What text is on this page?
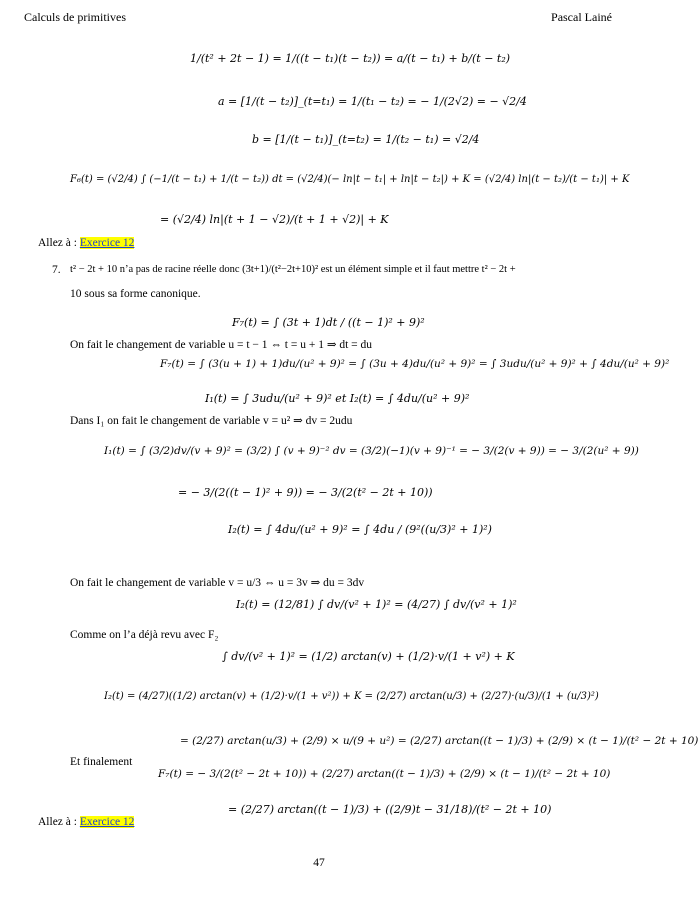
Calculs de primitives	Pascal Lainé
1/(t² + 2t − 1) = 1/((t − t₁)(t − t₂)) = a/(t − t₁) + b/(t − t₂)
a = [1/(t − t₂)]_(t=t₁) = 1/(t₁ − t₂) = − 1/(2√2) = − √2/4
b = [1/(t − t₁)]_(t=t₂) = 1/(t₂ − t₁) = √2/4
F₆(t) = (√2/4) ∫ (−1/(t − t₁) + 1/(t − t₂)) dt = (√2/4)(− ln|t − t₁| + ln|t − t₂|) + K = (√2/4) ln|(t − t₂)/(t − t₁)| + K
= (√2/4) ln|(t + 1 − √2)/(t + 1 + √2)| + K
Allez à : Exercice 12
7. t² − 2t + 10 n’a pas de racine réelle donc (3t+1)/(t²−2t+10)² est un élément simple et il faut mettre t² − 2t +
10 sous sa forme canonique.
F₇(t) = ∫ (3t + 1)dt / ((t − 1)² + 9)²
On fait le changement de variable u = t − 1 ⇔ t = u + 1 ⇒ dt = du
F₇(t) = ∫ (3(u + 1) + 1)du/(u² + 9)² = ∫ (3u + 4)du/(u² + 9)² = ∫ 3udu/(u² + 9)² + ∫ 4du/(u² + 9)²
I₁(t) = ∫ 3udu/(u² + 9)² et I₂(t) = ∫ 4du/(u² + 9)²
Dans I₁ on fait le changement de variable v = u² ⇒ dv = 2udu
I₁(t) = ∫ (3/2)dv/(v + 9)² = (3/2) ∫ (v + 9)⁻² dv = (3/2)(−1)(v + 9)⁻¹ = − 3/(2(v + 9)) = − 3/(2(u² + 9))
= − 3/(2((t − 1)² + 9)) = − 3/(2(t² − 2t + 10))
I₂(t) = ∫ 4du/(u² + 9)² = ∫ 4du / (9²((u/3)² + 1)²)
On fait le changement de variable v = u/3 ⇔ u = 3v ⇒ du = 3dv
I₂(t) = (12/81) ∫ dv/(v² + 1)² = (4/27) ∫ dv/(v² + 1)²
Comme on l’a déjà revu avec F₂
∫ dv/(v² + 1)² = (1/2) arctan(v) + (1/2)·v/(1 + v²) + K
I₂(t) = (4/27)((1/2) arctan(v) + (1/2)·v/(1 + v²)) + K = (2/27) arctan(u/3) + (2/27)·(u/3)/(1 + (u/3)²)
= (2/27) arctan(u/3) + (2/9) × u/(9 + u²) = (2/27) arctan((t − 1)/3) + (2/9) × (t − 1)/(t² − 2t + 10)
Et finalement
F₇(t) = − 3/(2(t² − 2t + 10)) + (2/27) arctan((t − 1)/3) + (2/9) × (t − 1)/(t² − 2t + 10)
= (2/27) arctan((t − 1)/3) + ((2/9)t − 31/18)/(t² − 2t + 10)
Allez à : Exercice 12
47
